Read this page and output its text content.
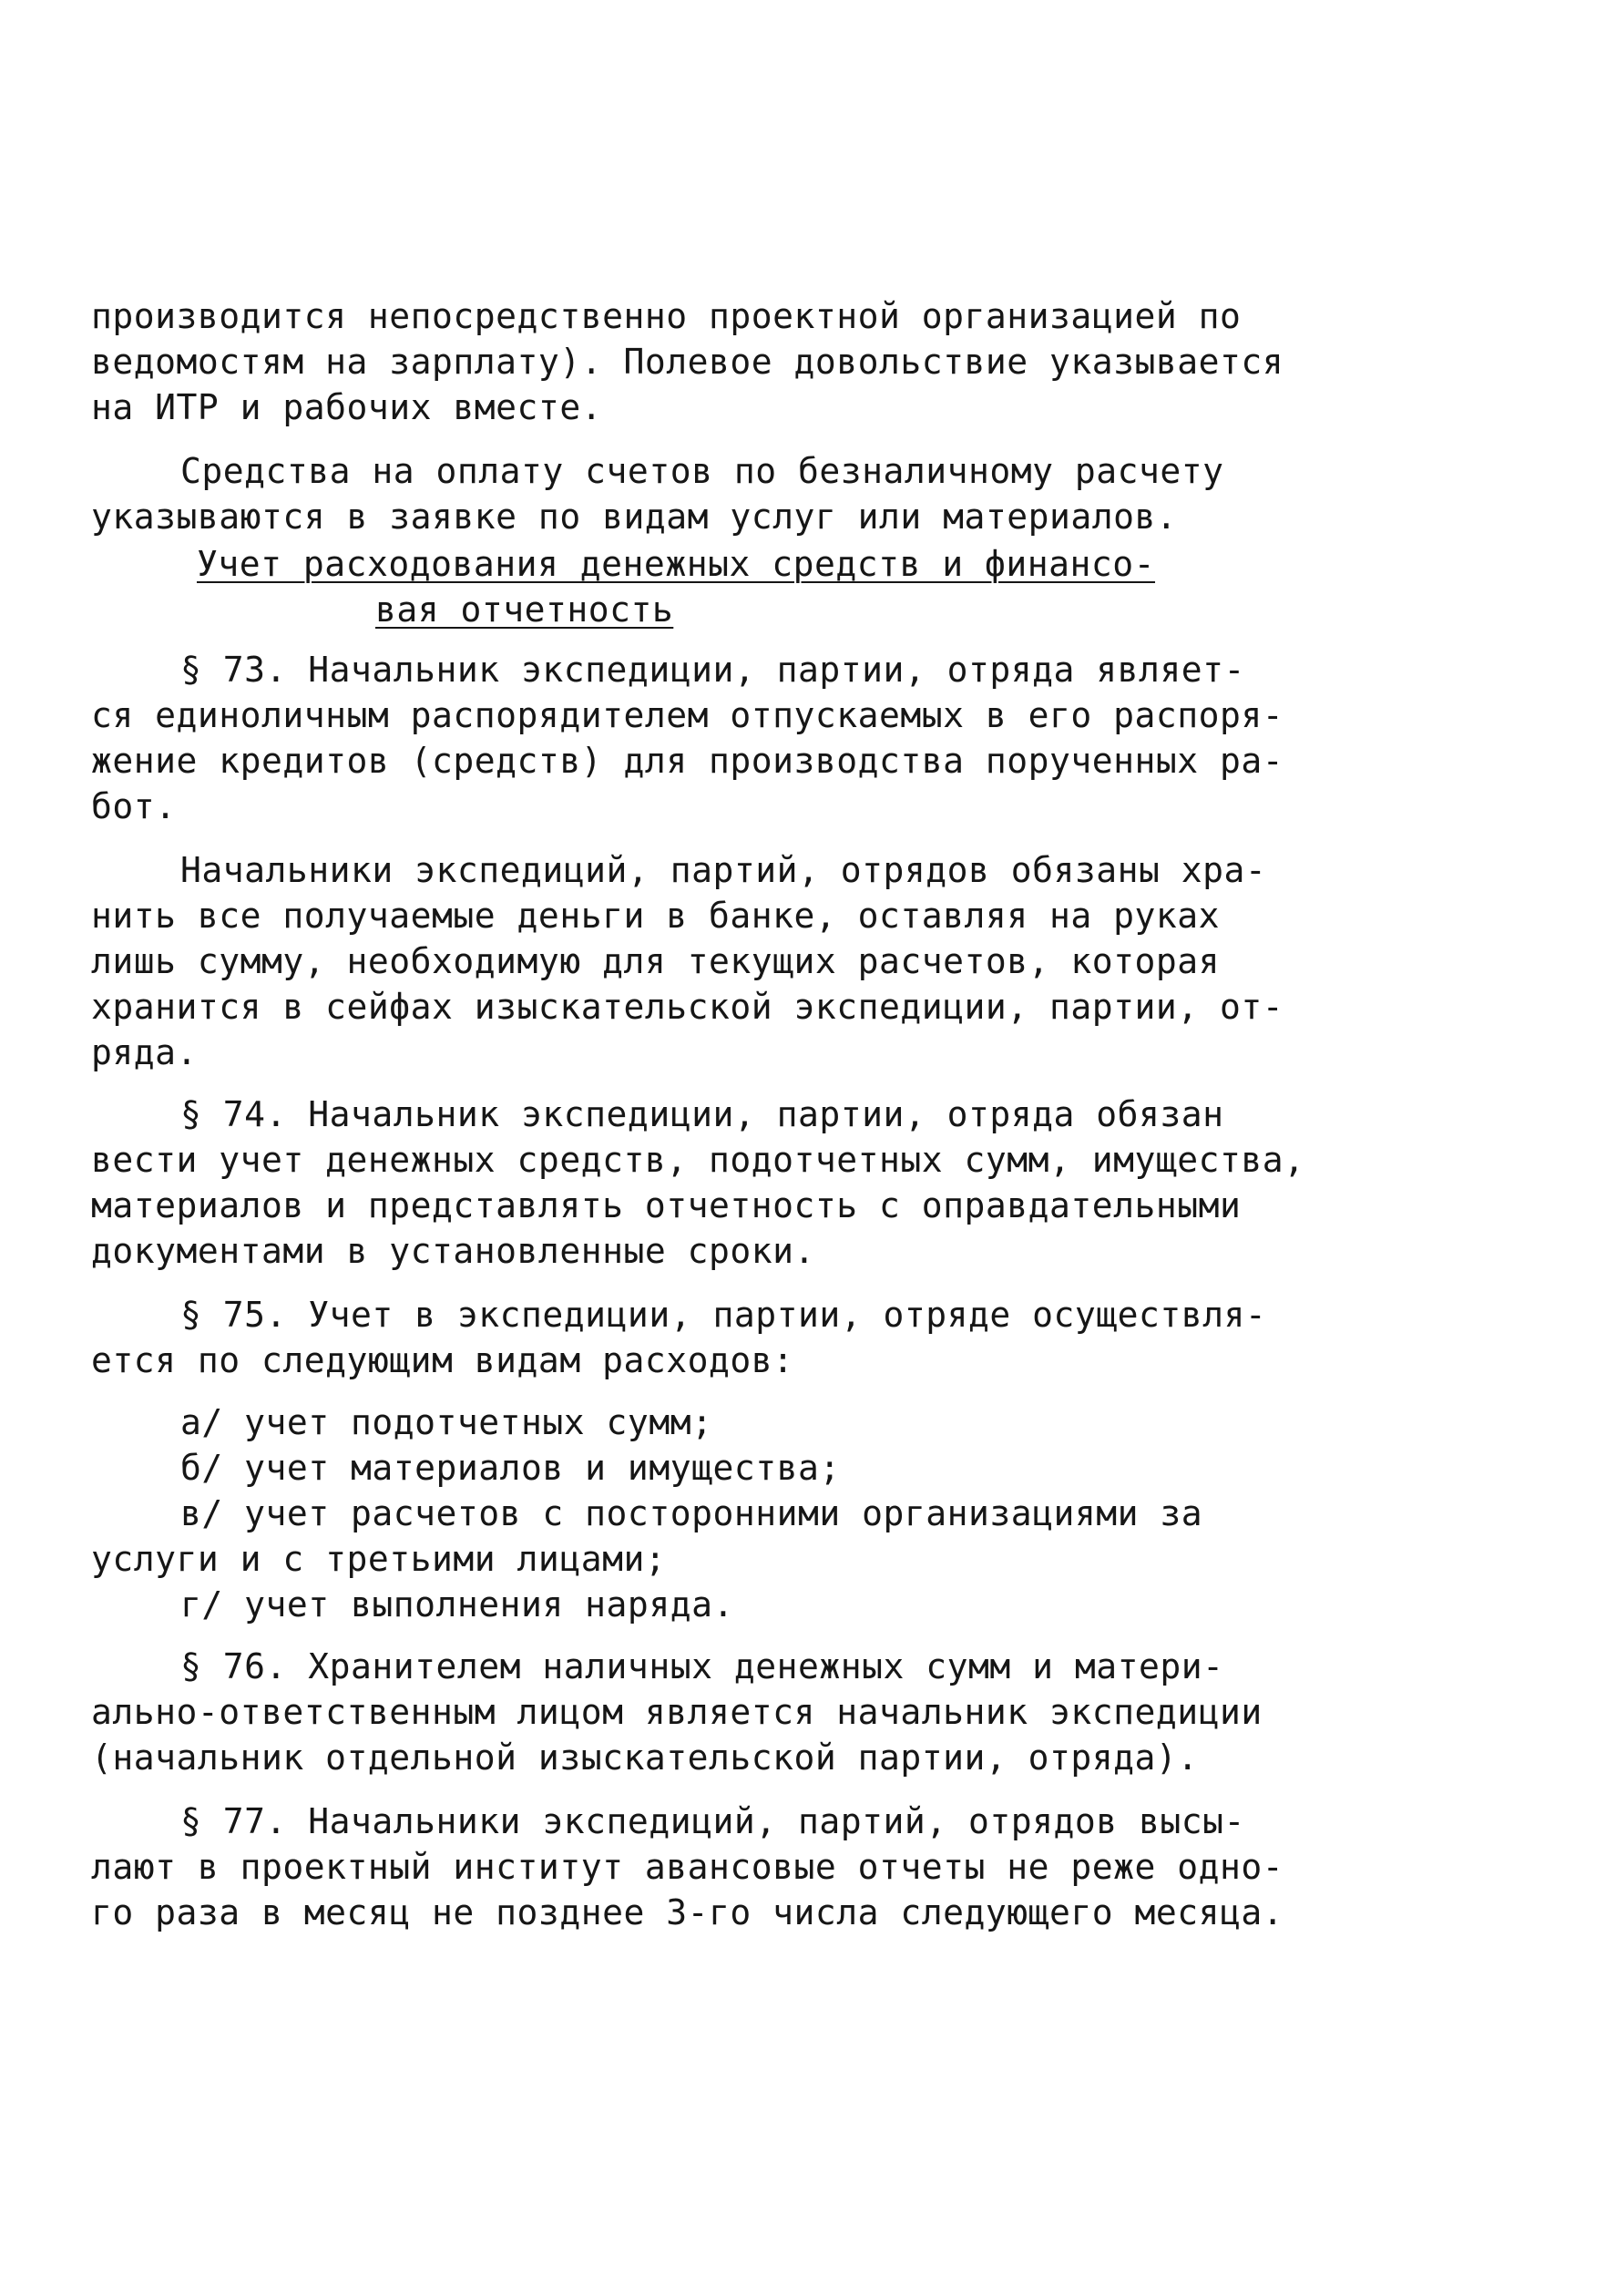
производится непосредственно проектной организацией по
ведомостям на зарплату). Полевое довольствие указывается
на ИТР и рабочих вместе.
Средства на оплату счетов по безналичному расчету
указываются в заявке по видам услуг или материалов.
Учет расходования денежных средств и финансо-
вая отчетность
§ 73. Начальник экспедиции, партии, отряда являет-
ся единоличным распорядителем отпускаемых в его распоря-
жение кредитов (средств) для производства порученных ра-
бот.
Начальники экспедиций, партий, отрядов обязаны хра-
нить все получаемые деньги в банке, оставляя на руках
лишь сумму, необходимую для текущих расчетов, которая
хранится в сейфах изыскательской экспедиции, партии, от-
ряда.
§ 74. Начальник экспедиции, партии, отряда обязан
вести учет денежных средств, подотчетных сумм, имущества,
материалов и представлять отчетность с оправдательными
документами в установленные сроки.
§ 75. Учет в экспедиции, партии, отряде осуществля-
ется по следующим видам расходов:
а/ учет подотчетных сумм;
б/ учет материалов и имущества;
в/ учет расчетов с посторонними организациями за
услуги и с третьими лицами;
г/ учет выполнения наряда.
§ 76. Хранителем наличных денежных сумм и матери-
ально-ответственным лицом является начальник экспедиции
(начальник отдельной изыскательской партии, отряда).
§ 77. Начальники экспедиций, партий, отрядов высы-
лают в проектный институт авансовые отчеты не реже одно-
го раза в месяц не позднее 3-го числа следующего месяца.
